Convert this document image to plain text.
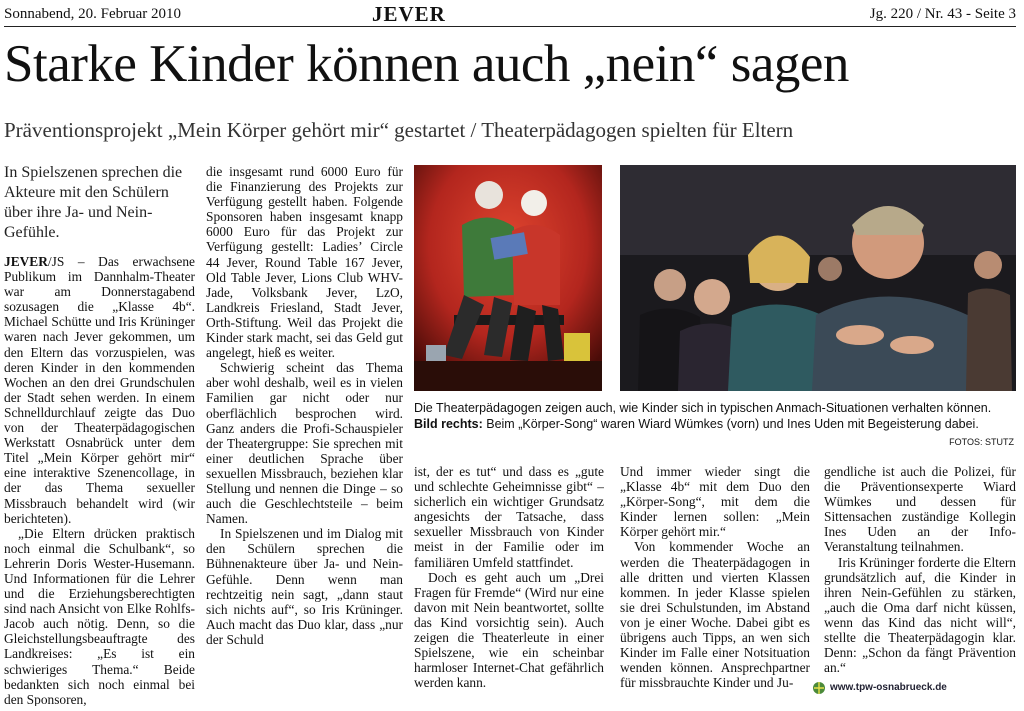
Sonnabend, 20. Februar 2010	JEVER	Jg. 220 / Nr. 43 - Seite 3
Starke Kinder können auch „nein“ sagen
Präventionsprojekt „Mein Körper gehört mir“ gestartet / Theaterpädagogen spielten für Eltern
In Spielszenen sprechen die Akteure mit den Schülern über ihre Ja- und Nein-Gefühle.

JEVER/JS – Das erwachsene Publikum im Dannhalm-Theater war am Donnerstagabend sozusagen die „Klasse 4b“. Michael Schütte und Iris Krüninger waren nach Jever gekommen, um den Eltern das vorzuspielen, was deren Kinder in den kommenden Wochen an den drei Grundschulen der Stadt sehen werden. In einem Schnelldurchlauf zeigte das Duo von der Theaterpädagogischen Werkstatt Osnabrück unter dem Titel „Mein Körper gehört mir“ eine interaktive Szenencollage, in der das Thema sexueller Missbrauch behandelt wird (wir berichteten).

„Die Eltern drücken praktisch noch einmal die Schulbank“, so Lehrerin Doris Wester-Husemann. Und Informationen für die Lehrer und die Erziehungsberechtigten sind nach Ansicht von Elke Rohlfs-Jacob auch nötig. Denn, so die Gleichstellungsbeauftragte des Landkreises: „Es ist ein schwieriges Thema.“ Beide bedankten sich noch einmal bei den Sponsoren,

die insgesamt rund 6000 Euro für die Finanzierung des Projekts zur Verfügung gestellt haben. Folgende Sponsoren haben insgesamt knapp 6000 Euro für das Projekt zur Verfügung gestellt: Ladies’ Circle 44 Jever, Round Table 167 Jever, Old Table Jever, Lions Club WHV-Jade, Volksbank Jever, LzO, Landkreis Friesland, Stadt Jever, Orth-Stiftung. Weil das Projekt die Kinder stark macht, sei das Geld gut angelegt, hieß es weiter.

Schwierig scheint das Thema aber wohl deshalb, weil es in vielen Familien gar nicht oder nur oberflächlich besprochen wird. Ganz anders die Profi-Schauspieler der Theatergruppe: Sie sprechen mit einer deutlichen Sprache über sexuellen Missbrauch, beziehen klar Stellung und nennen die Dinge – so auch die Geschlechtsteile – beim Namen.

In Spielszenen und im Dialog mit den Schülern sprechen die Bühnenakteure über Ja- und Nein-Gefühle. Denn wenn man rechtzeitig nein sagt, „dann staut sich nichts auf“, so Iris Krüninger. Auch macht das Duo klar, dass „nur der Schuld

Die Theaterpädagogen zeigen auch, wie Kinder sich in typischen Anmach-Situationen verhalten können. Bild rechts: Beim „Körper-Song“ waren Wiard Wümkes (vorn) und Ines Uden mit Begeisterung dabei.
FOTOS: STUTZ

ist, der es tut“ und dass es „gute und schlechte Geheimnisse gibt“ – sicherlich ein wichtiger Grundsatz angesichts der Tatsache, dass sexueller Missbrauch von Kinder meist in der Familie oder im familiären Umfeld stattfindet.

Doch es geht auch um „Drei Fragen für Fremde“ (Wird nur eine davon mit Nein beantwortet, sollte das Kind vorsichtig sein). Auch zeigen die Theaterleute in einer Spielszene, wie ein scheinbar harmloser Internet-Chat gefährlich werden kann.

Und immer wieder singt die „Klasse 4b“ mit dem Duo den „Körper-Song“, mit dem die Kinder lernen sollen: „Mein Körper gehört mir.“

Von kommender Woche an werden die Theaterpädagogen in alle dritten und vierten Klassen kommen. In jeder Klasse spielen sie drei Schulstunden, im Abstand von je einer Woche. Dabei gibt es übrigens auch Tipps, an wen sich Kinder im Falle einer Notsituation wenden können. Ansprechpartner für missbrauchte Kinder und Ju-

gendliche ist auch die Polizei, für die Präventionsexperte Wiard Wümkes und dessen für Sittensachen zuständige Kollegin Ines Uden an der Info-Veranstaltung teilnahmen.

Iris Krüninger forderte die Eltern grundsätzlich auf, die Kinder in ihren Nein-Gefühlen zu stärken, „auch die Oma darf nicht küssen, wenn das Kind das nicht will“, stellte die Theaterpädagogin klar. Denn: „Schon da fängt Prävention an.“

www.tpw-osnabrueck.de
